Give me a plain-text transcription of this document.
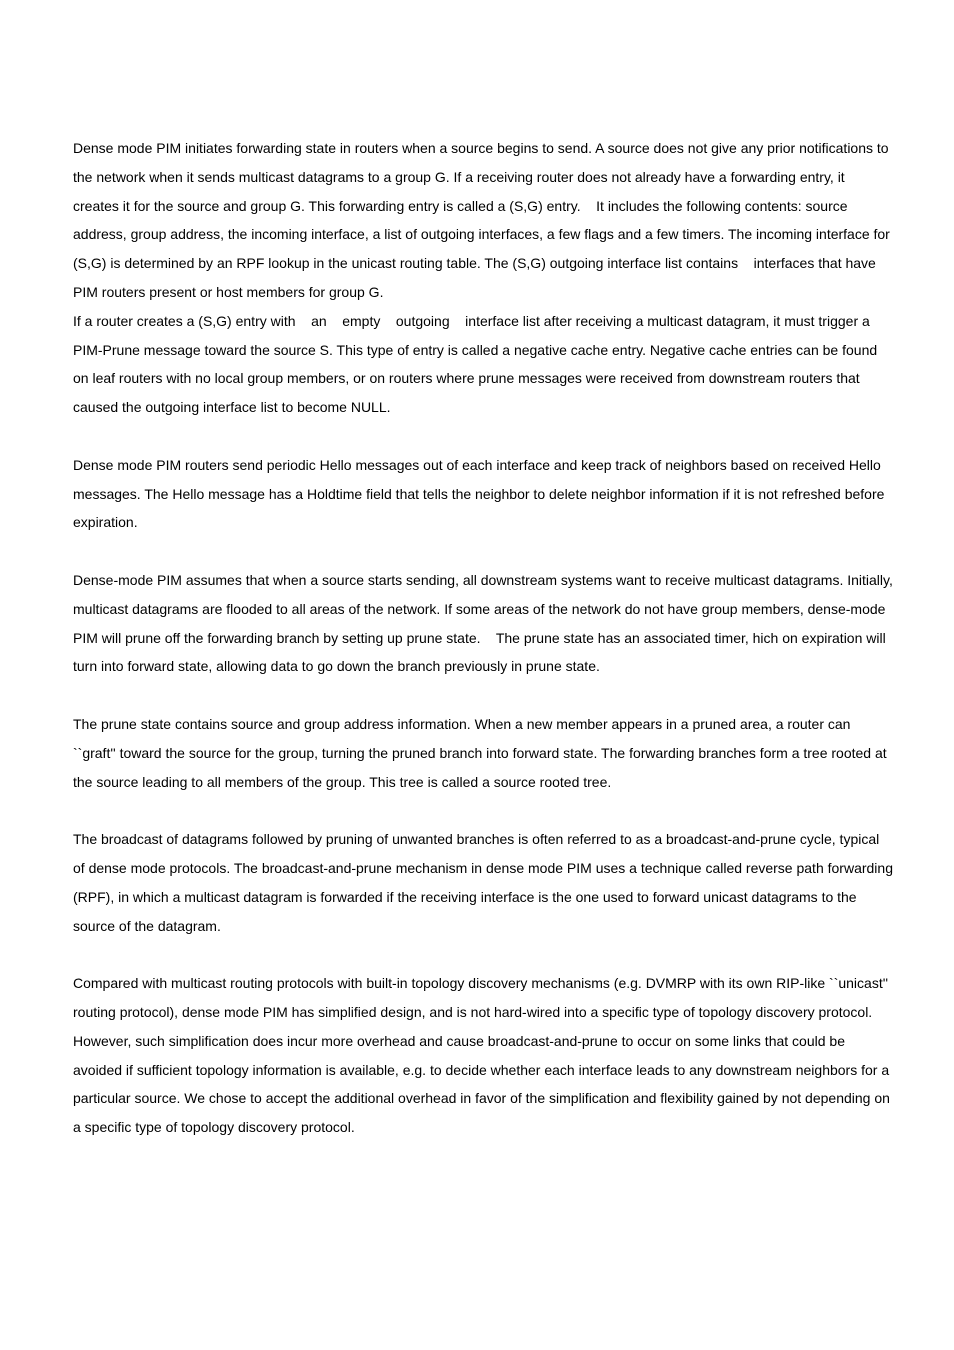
Dense mode PIM initiates forwarding state in routers when a source begins to send. A source does not give any prior notifications to the network when it sends multicast datagrams to a group G. If a receiving router does not already have a forwarding entry, it creates it for the source and group G. This forwarding entry is called a (S,G) entry.    It includes the following contents: source address, group address, the incoming interface, a list of outgoing interfaces, a few flags and a few timers. The incoming interface for (S,G) is determined by an RPF lookup in the unicast routing table. The (S,G) outgoing interface list contains    interfaces that have PIM routers present or host members for group G.

If a router creates a (S,G) entry with    an    empty    outgoing    interface list after receiving a multicast datagram, it must trigger a PIM-Prune message toward the source S. This type of entry is called a negative cache entry. Negative cache entries can be found on leaf routers with no local group members, or on routers where prune messages were received from downstream routers that caused the outgoing interface list to become NULL.

Dense mode PIM routers send periodic Hello messages out of each interface and keep track of neighbors based on received Hello messages. The Hello message has a Holdtime field that tells the neighbor to delete neighbor information if it is not refreshed before expiration.

Dense-mode PIM assumes that when a source starts sending, all downstream systems want to receive multicast datagrams. Initially, multicast datagrams are flooded to all areas of the network. If some areas of the network do not have group members, dense-mode PIM will prune off the forwarding branch by setting up prune state.    The prune state has an associated timer, hich on expiration will turn into forward state, allowing data to go down the branch previously in prune state.

The prune state contains source and group address information. When a new member appears in a pruned area, a router can ``graft'' toward the source for the group, turning the pruned branch into forward state. The forwarding branches form a tree rooted at the source leading to all members of the group. This tree is called a source rooted tree.

The broadcast of datagrams followed by pruning of unwanted branches is often referred to as a broadcast-and-prune cycle, typical of dense mode protocols. The broadcast-and-prune mechanism in dense mode PIM uses a technique called reverse path forwarding (RPF), in which a multicast datagram is forwarded if the receiving interface is the one used to forward unicast datagrams to the source of the datagram.

Compared with multicast routing protocols with built-in topology discovery mechanisms (e.g. DVMRP with its own RIP-like ``unicast'' routing protocol), dense mode PIM has simplified design, and is not hard-wired into a specific type of topology discovery protocol. However, such simplification does incur more overhead and cause broadcast-and-prune to occur on some links that could be avoided if sufficient topology information is available, e.g. to decide whether each interface leads to any downstream neighbors for a particular source. We chose to accept the additional overhead in favor of the simplification and flexibility gained by not depending on a specific type of topology discovery protocol.
